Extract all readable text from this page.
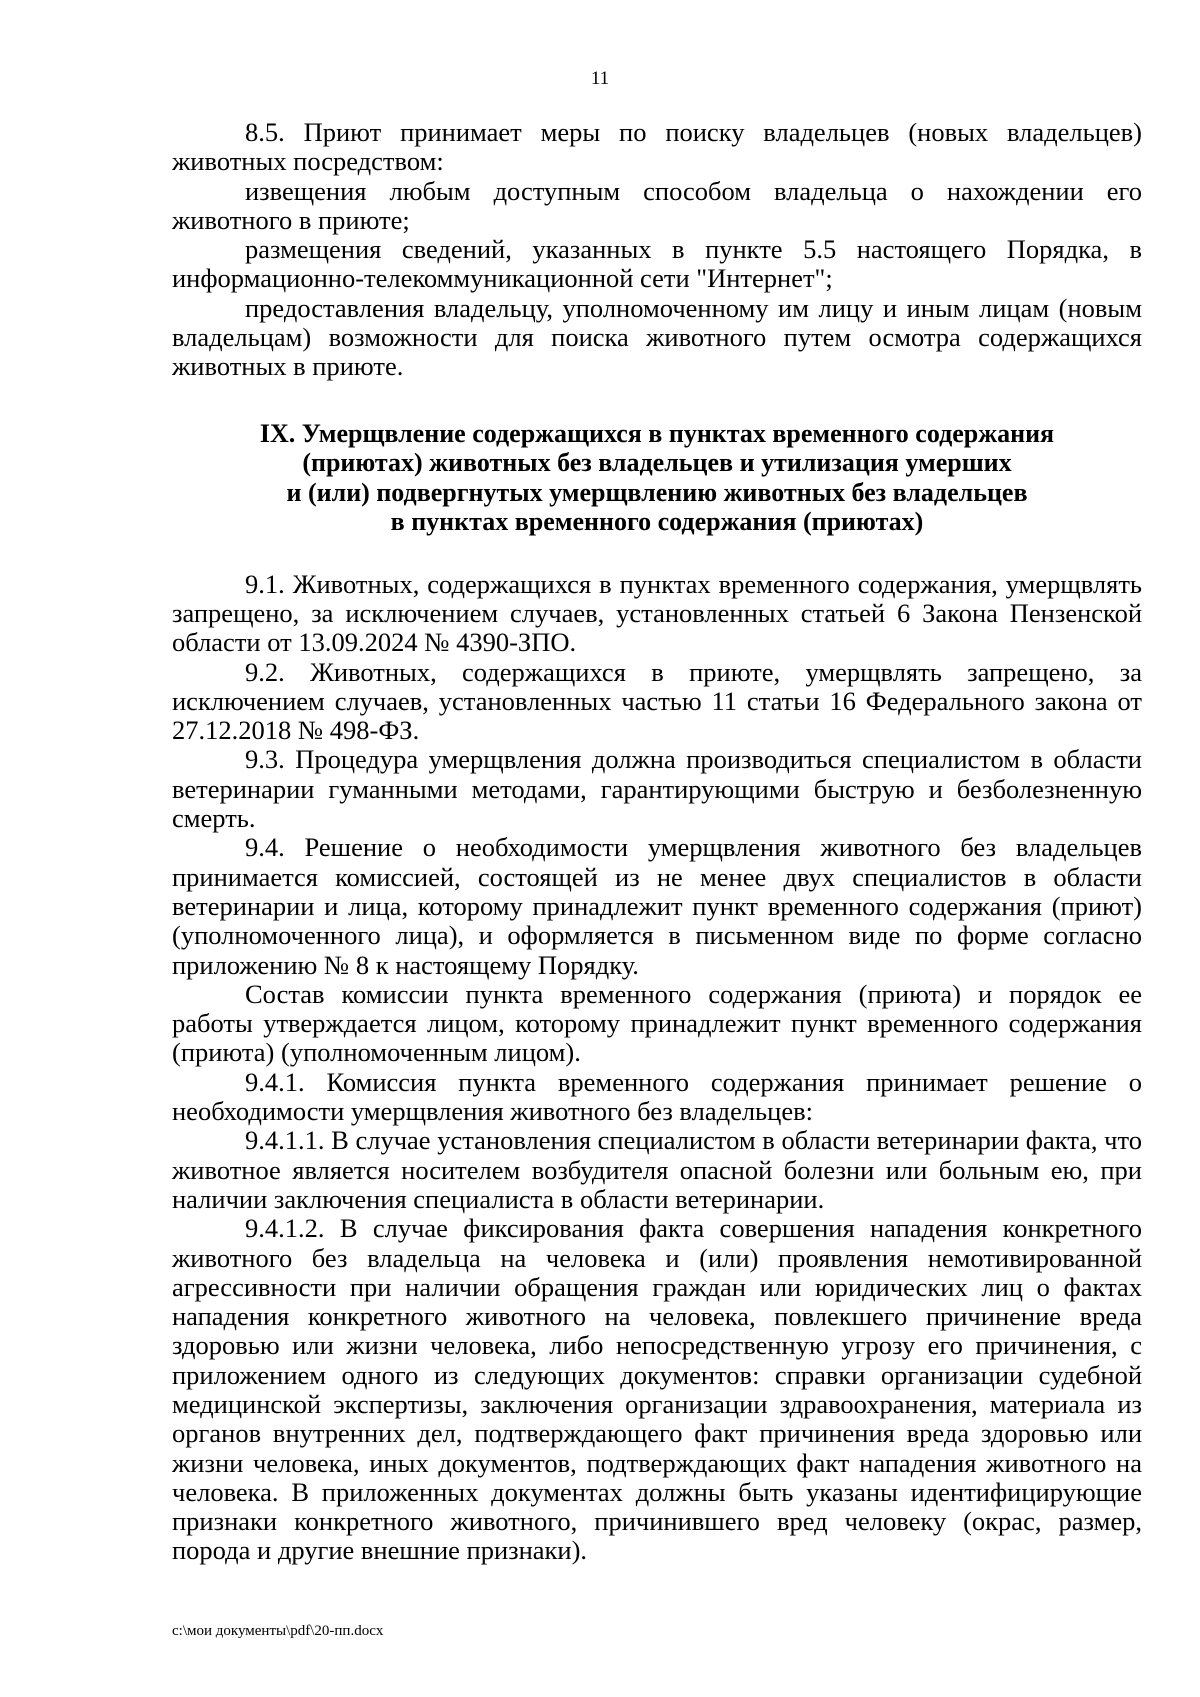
11

8.5. Приют принимает меры по поиску владельцев (новых владельцев) животных посредством:

извещения любым доступным способом владельца о нахождении его животного в приюте;

размещения сведений, указанных в пункте 5.5 настоящего Порядка, в информационно-телекоммуникационной сети "Интернет";

предоставления владельцу, уполномоченному им лицу и иным лицам (новым владельцам) возможности для поиска животного путем осмотра содержащихся животных в приюте.

IX. Умерщвление содержащихся в пунктах временного содержания
(приютах) животных без владельцев и утилизация умерших
и (или) подвергнутых умерщвлению животных без владельцев
в пунктах временного содержания (приютах)

9.1. Животных, содержащихся в пунктах временного содержания, умерщвлять запрещено, за исключением случаев, установленных статьей 6 Закона Пензенской области от 13.09.2024 № 4390-ЗПО.

9.2. Животных, содержащихся в приюте, умерщвлять запрещено, за исключением случаев, установленных частью 11 статьи 16 Федерального закона от 27.12.2018 № 498-ФЗ.

9.3. Процедура умерщвления должна производиться специалистом в области ветеринарии гуманными методами, гарантирующими быструю и безболезненную смерть.

9.4. Решение о необходимости умерщвления животного без владельцев принимается комиссией, состоящей из не менее двух специалистов в области ветеринарии и лица, которому принадлежит пункт временного содержания (приют) (уполномоченного лица), и оформляется в письменном виде по форме согласно приложению № 8 к настоящему Порядку.

Состав комиссии пункта временного содержания (приюта) и порядок ее работы утверждается лицом, которому принадлежит пункт временного содержания (приюта) (уполномоченным лицом).

9.4.1. Комиссия пункта временного содержания принимает решение о необходимости умерщвления животного без владельцев:

9.4.1.1. В случае установления специалистом в области ветеринарии факта, что животное является носителем возбудителя опасной болезни или больным ею, при наличии заключения специалиста в области ветеринарии.

9.4.1.2. В случае фиксирования факта совершения нападения конкретного животного без владельца на человека и (или) проявления немотивированной агрессивности при наличии обращения граждан или юридических лиц о фактах нападения конкретного животного на человека, повлекшего причинение вреда здоровью или жизни человека, либо непосредственную угрозу его причинения, с приложением одного из следующих документов: справки организации судебной медицинской экспертизы, заключения организации здравоохранения, материала из органов внутренних дел, подтверждающего факт причинения вреда здоровью или жизни человека, иных документов, подтверждающих факт нападения животного на человека. В приложенных документах должны быть указаны идентифицирующие признаки конкретного животного, причинившего вред человеку (окрас, размер, порода и другие внешние признаки).

c:\мои документы\pdf\20-пп.docx
